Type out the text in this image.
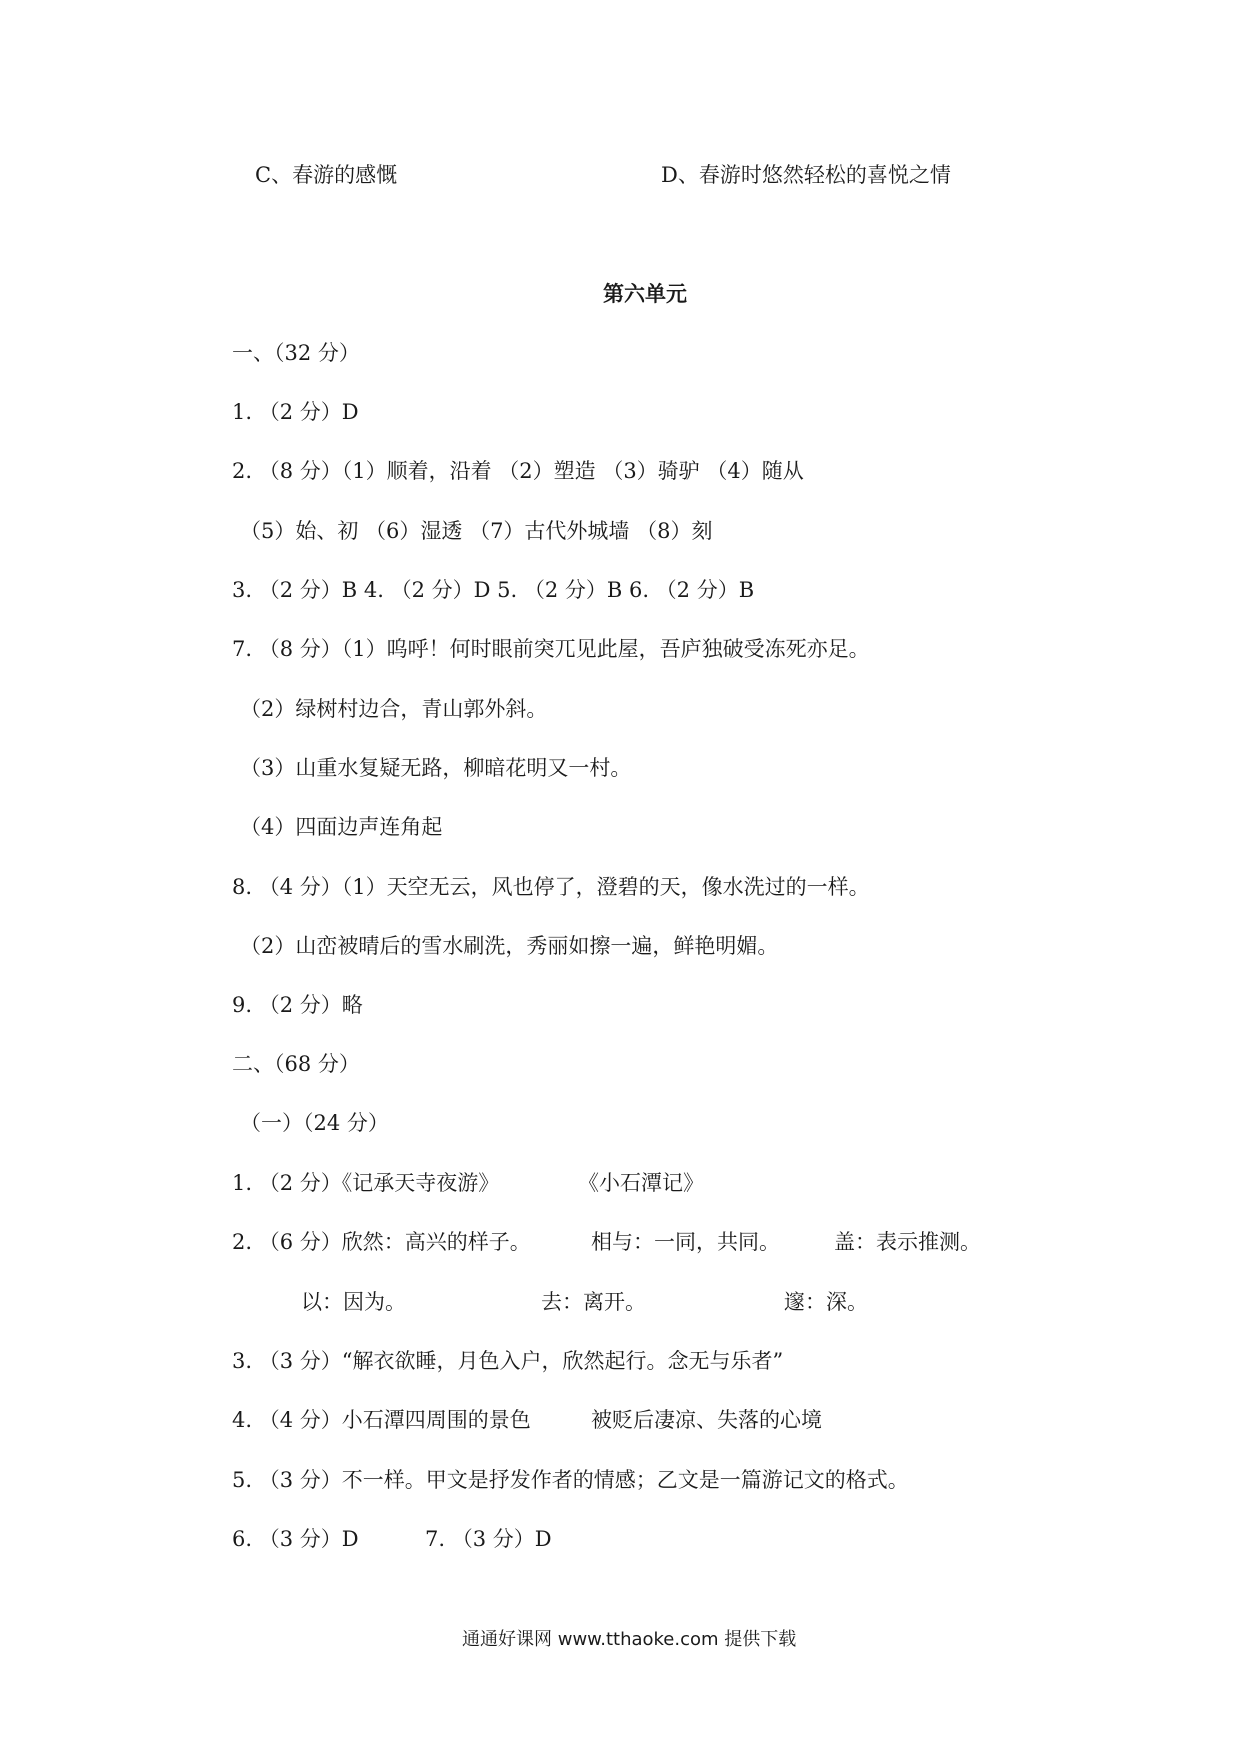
C、春游的感慨	D、春游时悠然轻松的喜悦之情
第六单元
一、（32 分）
1. （2 分）D
2. （8 分）（1）顺着，沿着 （2）塑造 （3）骑驴 （4）随从
（5）始、初 （6）湿透 （7）古代外城墙 （8）刻
3. （2 分）B 4. （2 分）D 5. （2 分）B 6. （2 分）B
7. （8 分）（1）呜呼！何时眼前突兀见此屋，吾庐独破受冻死亦足。
（2）绿树村边合，青山郭外斜。
（3）山重水复疑无路，柳暗花明又一村。
（4）四面边声连角起
8. （4 分）（1）天空无云，风也停了，澄碧的天，像水洗过的一样。
（2）山峦被晴后的雪水刷洗，秀丽如擦一遍，鲜艳明媚。
9. （2 分）略
二、（68 分）
（一）（24 分）
1. （2 分）《记承天寺夜游》	《小石潭记》
2. （6 分）欣然：高兴的样子。	相与：一同，共同。	盖：表示推测。
以：因为。	去：离开。	邃：深。
3. （3 分）“解衣欲睡，月色入户，欣然起行。念无与乐者”
4. （4 分）小石潭四周围的景色	被贬后凄凉、失落的心境
5. （3 分）不一样。甲文是抒发作者的情感；乙文是一篇游记文的格式。
6. （3 分）D	7. （3 分）D
通通好课网 www.tthaoke.com 提供下载
